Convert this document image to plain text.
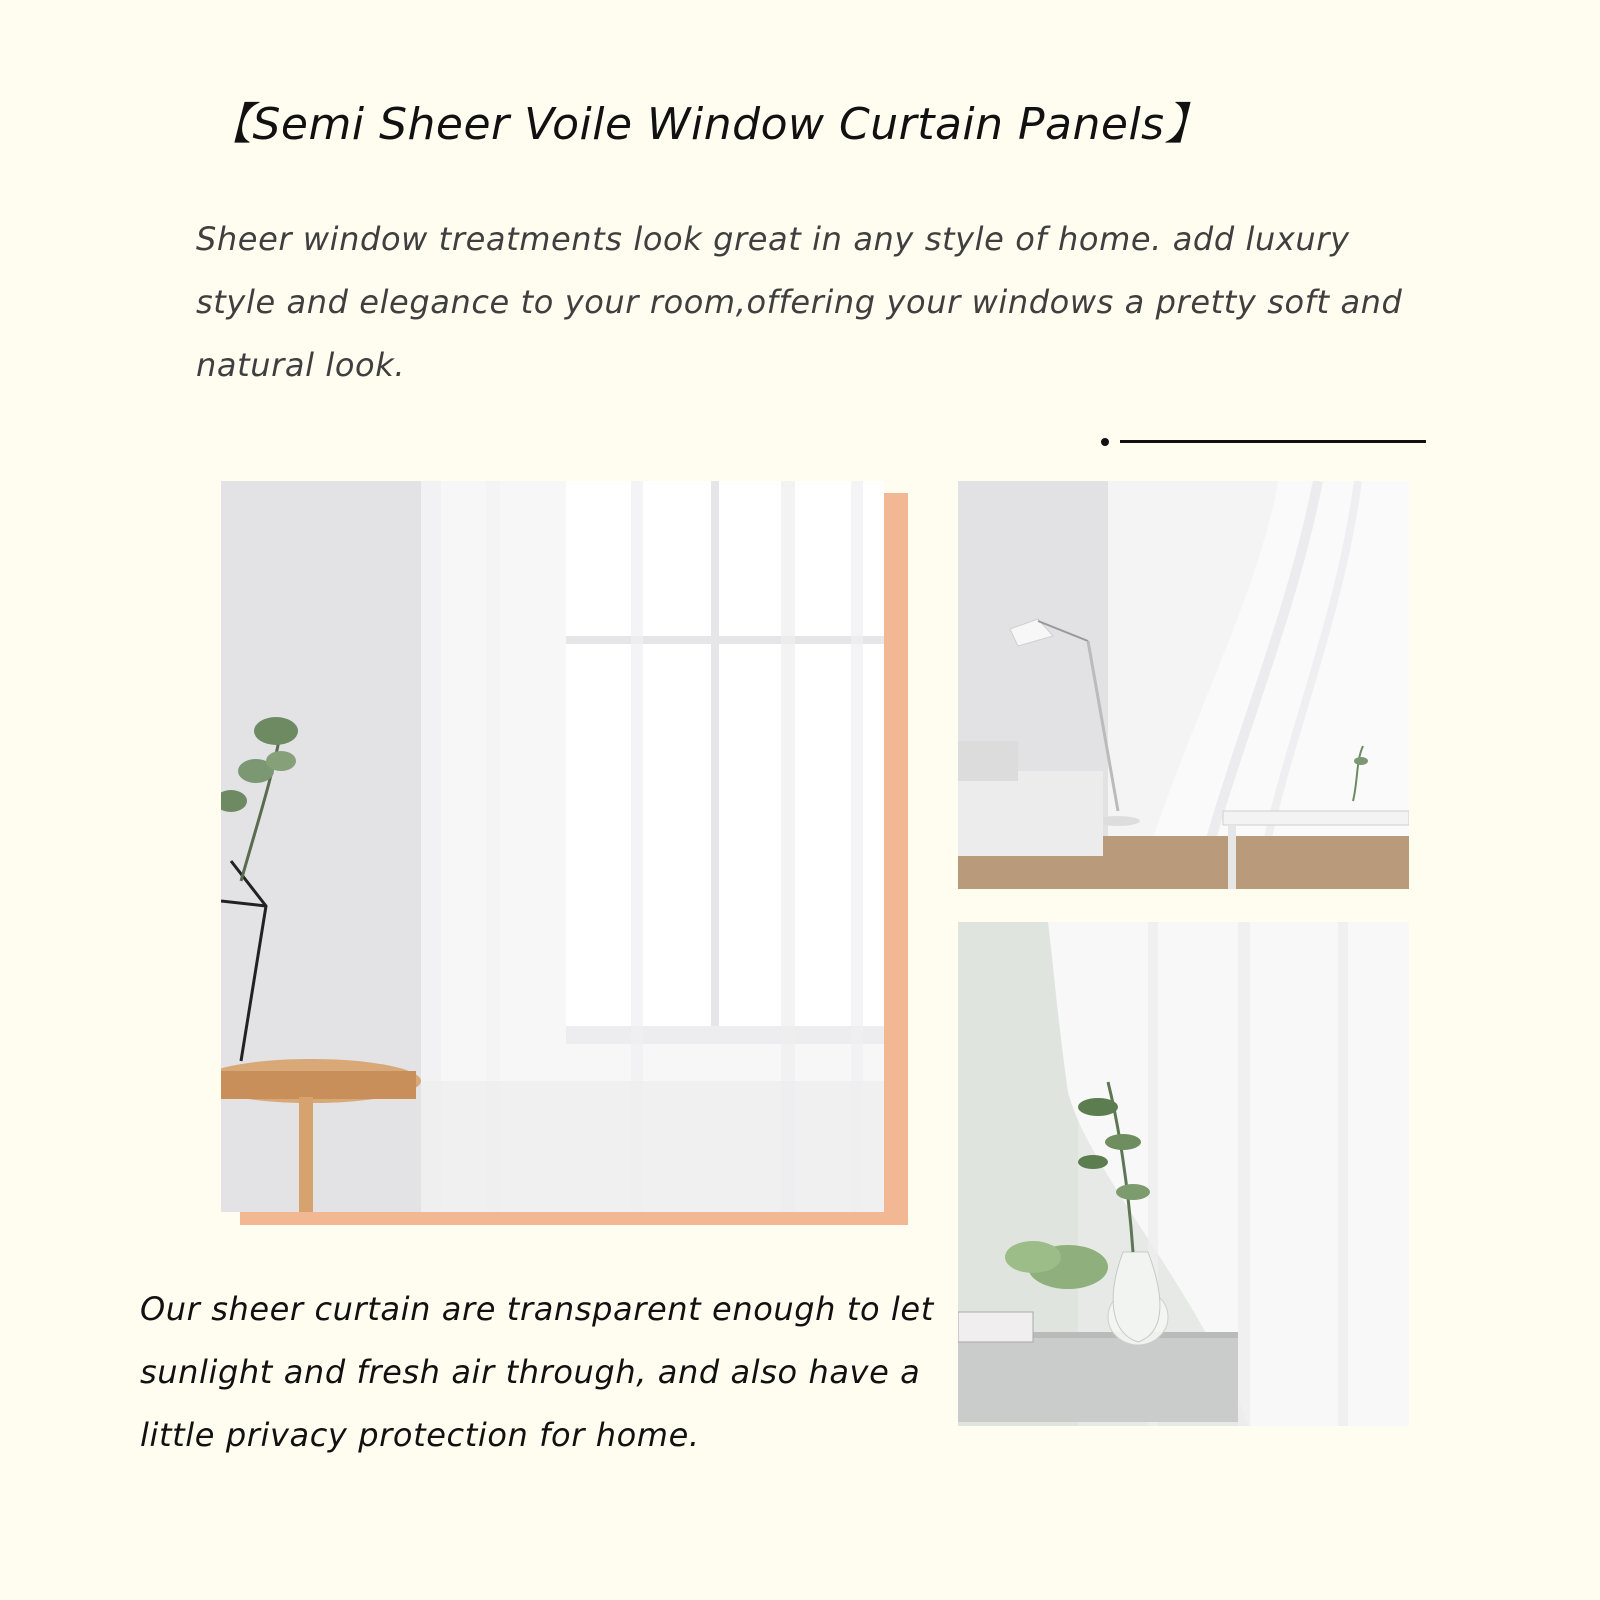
【Semi Sheer Voile Window Curtain Panels】
Sheer window treatments look great in any style of home. add luxury style and elegance to your room,offering your windows a pretty soft and natural look.
Our sheer curtain are transparent enough to let sunlight and fresh air through, and also have a little privacy protection for home.
